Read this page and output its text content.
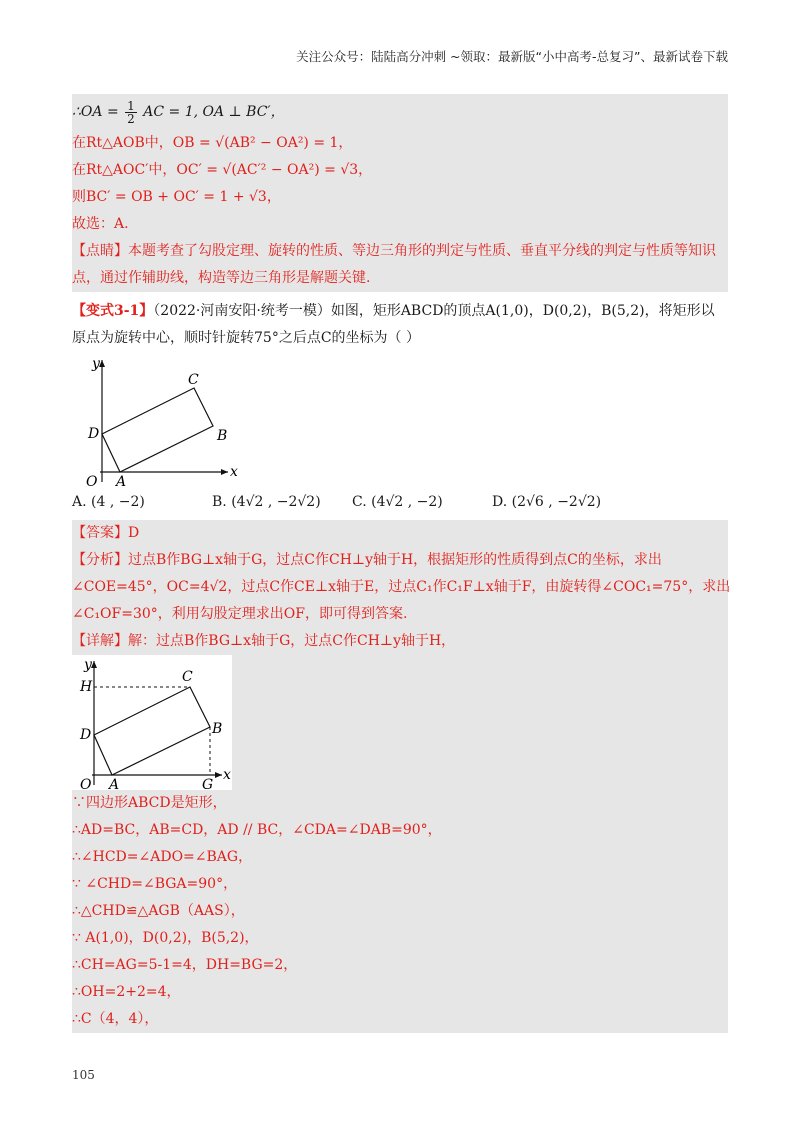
关注公众号：陆陆高分冲刺 ~领取：最新版“小中高考-总复习”、最新试卷下载
∴OA = $\frac{1}{2}$ AC = 1, OA ⊥ BC′，
在Rt△AOB中，OB = √(AB² − OA²) = 1，
在Rt△AOC′中，OC′ = √(AC′² − OA²) = √3，
则BC′ = OB + OC′ = 1 + √3，
故选：A.
【点睛】本题考查了勾股定理、旋转的性质、等边三角形的判定与性质、垂直平分线的判定与性质等知识点，通过作辅助线，构造等边三角形是解题关键.
【变式3-1】（2022·河南安阳·统考一模）如图，矩形ABCD的顶点A(1,0)，D(0,2)，B(5,2)，将矩形以
原点为旋转中心，顺时针旋转75°之后点C的坐标为（ ）
y
x
O A
B
C
D
A. (4 , −2)	B. (4√2 , −2√2)	C. (4√2 , −2)	D. (2√6 , −2√2)
【答案】D
【分析】过点B作BG⊥x轴于G，过点C作CH⊥y轴于H，根据矩形的性质得到点C的坐标，求出
∠COE=45°，OC=4√2，过点C作CE⊥x轴于E，过点C₁作C₁F⊥x轴于F，由旋转得∠COC₁=75°，求出
∠C₁OF=30°，利用勾股定理求出OF，即可得到答案.
【详解】解：过点B作BG⊥x轴于G，过点C作CH⊥y轴于H，
y
x
H
C
D	B
O A	G
∵四边形ABCD是矩形，
∴AD=BC，AB=CD，AD // BC，∠CDA=∠DAB=90°，
∴∠HCD=∠ADO=∠BAG，
∵ ∠CHD=∠BGA=90°，
∴△CHD≌△AGB（AAS），
∵ A(1,0)，D(0,2)，B(5,2)，
∴CH=AG=5-1=4，DH=BG=2，
∴OH=2+2=4，
∴C（4，4），
105
